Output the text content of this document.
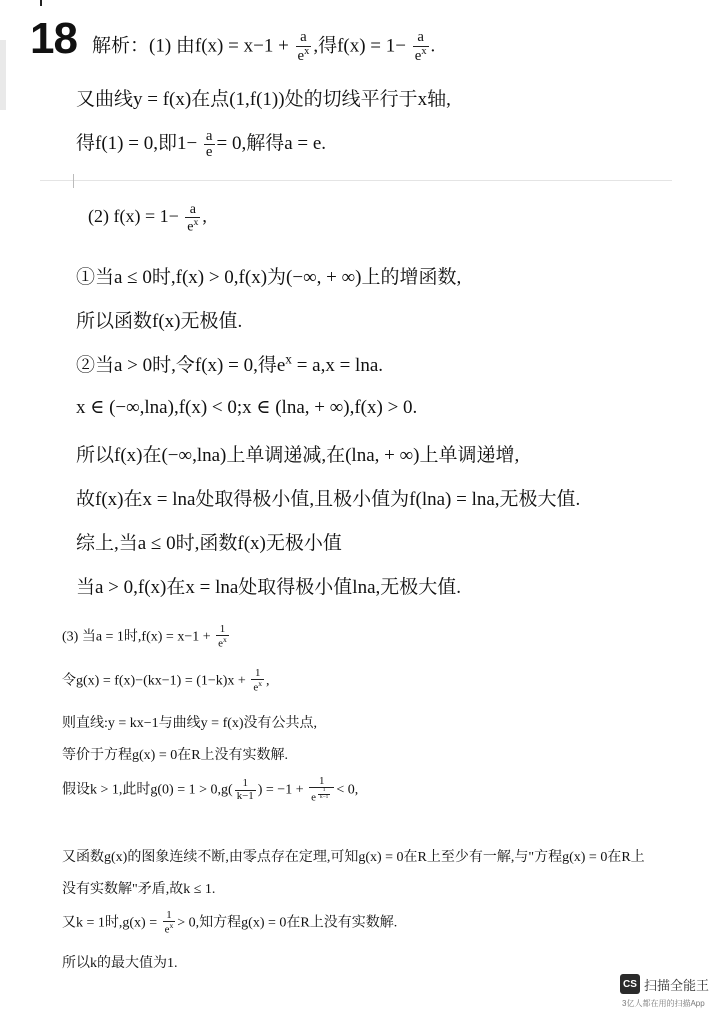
18 解析：(1) 由$f(x) = x-1 + \frac{a}{e^x}$ ,得$f(x) = 1- \frac{a}{e^x}$ .
又曲线y = f(x)在点(1,f(1))处的切线平行于x轴,
得f(1) = 0,即$1- \frac{a}{e} = 0$,解得a = e.
(2) $f(x) = 1- \frac{a}{e^x}$ ,
①当a ≤ 0时,f(x) > 0,f(x)为(−∞, + ∞)上的增函数,
所以函数f(x)无极值.
②当a > 0时,令f(x) = 0,得$e^x = a,x = \ln a$.
x ∈ (−∞,lna),f(x) < 0;x ∈ (lna, + ∞),f(x) > 0.
所以f(x)在(−∞,lna)上单调递减,在(lna, + ∞)上单调递增,
故f(x)在x = lna处取得极小值,且极小值为f(lna) = lna,无极大值.
综上,当a ≤ 0时,函数f(x)无极小值
当a > 0,f(x)在x = lna处取得极小值lna,无极大值.
(3) 当a = 1时$,f(x) = x-1 + \frac{1}{e^x}$
令$g(x) = f(x)-(kx-1) = (1-k)x + \frac{1}{e^x}$ ,
则直线:y = kx−1与曲线y = f(x)没有公共点,
等价于方程g(x) = 0在R上没有实数解.
假设k > 1,此时$g(0) = 1 > 0,g( \frac{1}{k-1}$ ) = −1 + 1
e $^{\frac{1}{k-1}}$ < 0,
又函数g(x)的图象连续不断,由零点存在定理,可知g(x) = 0在R上至少有一解,与"方程g(x) = 0在R上
没有实数解"矛盾,故k ≤ 1.
又k = 1时$,g(x) = \frac{1}{e^x} > 0$,知方程g(x) = 0在R上没有实数解.
所以k的最大值为1.
CS 扫描全能王
3亿人都在用的扫描App
